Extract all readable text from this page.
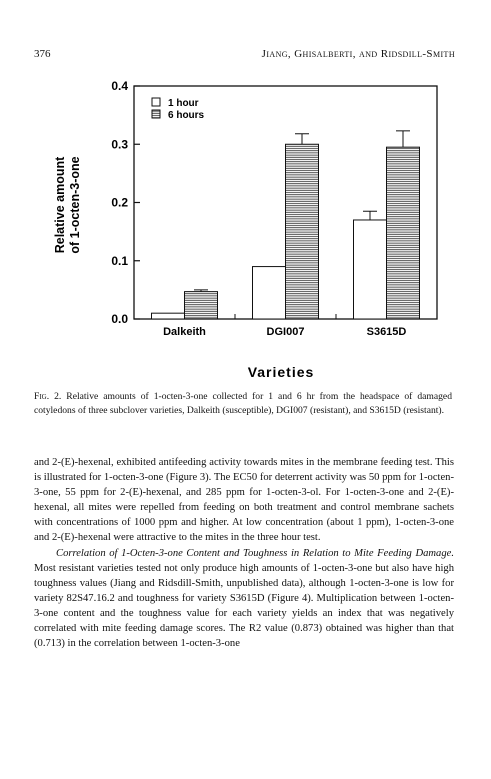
376	Jiang, Ghisalberti, and Ridsdill-Smith
0.0
0.1
0.2
0.3
0.4
Dalkeith	DGI007	S3615D
1 hour
6 hours
Relative amount of 1-octen-3-one
Varieties
Fig. 2. Relative amounts of 1-octen-3-one collected for 1 and 6 hr from the headspace of damaged cotyledons of three subclover varieties, Dalkeith (susceptible), DGI007 (resistant), and S3615D (resistant).

and 2-(E)-hexenal, exhibited antifeeding activity towards mites in the membrane feeding test. This is illustrated for 1-octen-3-one (Figure 3). The EC50 for deterrent activity was 50 ppm for 1-octen-3-one, 55 ppm for 2-(E)-hexenal, and 285 ppm for 1-octen-3-ol. For 1-octen-3-one and 2-(E)-hexenal, all mites were repelled from feeding on both treatment and control membrane sachets with concentrations of 1000 ppm and higher. At low concentration (about 1 ppm), 1-octen-3-one and 2-(E)-hexenal were attractive to the mites in the three hour test.

Correlation of 1-Octen-3-one Content and Toughness in Relation to Mite Feeding Damage. Most resistant varieties tested not only produce high amounts of 1-octen-3-one but also have high toughness values (Jiang and Ridsdill-Smith, unpublished data), although 1-octen-3-one is low for variety 82S47.16.2 and toughness for variety S3615D (Figure 4). Multiplication between 1-octen-3-one content and the toughness value for each variety yields an index that was negatively correlated with mite feeding damage scores. The R2 value (0.873) obtained was higher than that (0.713) in the correlation between 1-octen-3-one
